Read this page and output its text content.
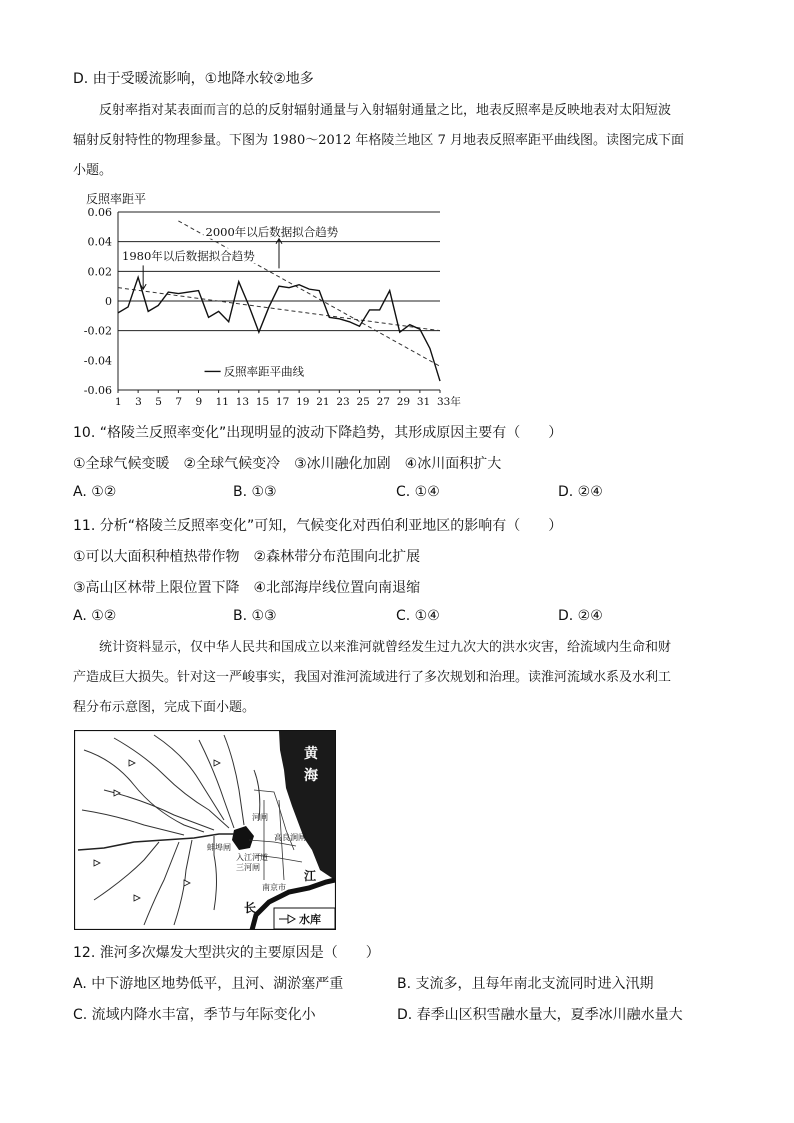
D. 由于受暖流影响，①地降水较②地多

反射率指对某表面而言的总的反射辐射通量与入射辐射通量之比，地表反照率是反映地表对太阳短波

辐射反射特性的物理参量。下图为 1980～2012 年格陵兰地区 7 月地表反照率距平曲线图。读图完成下面

小题。

反照率距平
0.06
0.04
0.02
0
-0.02
-0.04
-0.06
1 3 5 7 9 11 13 15 17 19 21 23 25 27 29 31 33年
1980年以后数据拟合趋势
2000年以后数据拟合趋势
反照率距平曲线
10. “格陵兰反照率变化”出现明显的波动下降趋势，其形成原因主要有（　　）
①全球气候变暖　②全球气候变冷　③冰川融化加剧　④冰川面积扩大
A. ①②	B. ①③	C. ①④	D. ②④
11. 分析“格陵兰反照率变化”可知，气候变化对西伯利亚地区的影响有（　　）
①可以大面积种植热带作物　②森林带分布范围向北扩展
③高山区林带上限位置下降　④北部海岸线位置向南退缩
A. ①②	B. ①③	C. ①④	D. ②④

统计资料显示，仅中华人民共和国成立以来淮河就曾经发生过九次大的洪水灾害，给流域内生命和财

产造成巨大损失。针对这一严峻事实，我国对淮河流域进行了多次规划和治理。读淮河流域水系及水利工

程分布示意图，完成下面小题。

黄
海
江
长
河闸
高良涧闸
蚌埠闸
入江河道
三河闸
南京市
水库
12. 淮河多次爆发大型洪灾的主要原因是（　　）
A. 中下游地区地势低平，且河、湖淤塞严重	B. 支流多，且每年南北支流同时进入汛期
C. 流域内降水丰富，季节与年际变化小	D. 春季山区积雪融水量大，夏季冰川融水量大
